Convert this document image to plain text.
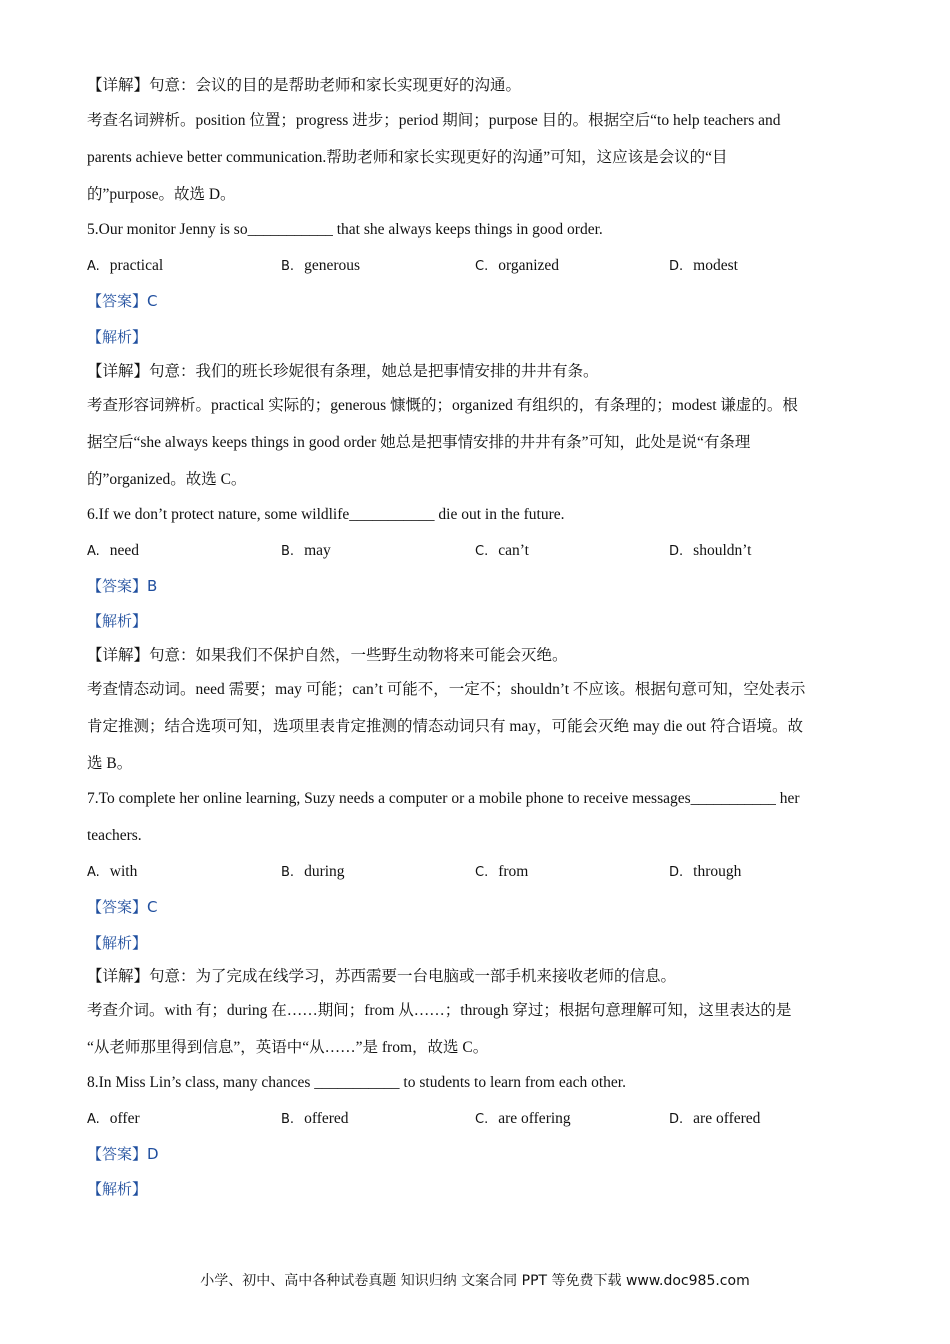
【详解】句意：会议的目的是帮助老师和家长实现更好的沟通。
考查名词辨析。position 位置；progress 进步；period 期间；purpose 目的。根据空后“to help teachers and
parents achieve better communication.帮助老师和家长实现更好的沟通”可知，这应该是会议的“目
的”purpose。故选 D。
5.Our monitor Jenny is so___________ that she always keeps things in good order.
A. practical	B. generous	C. organized	D. modest
【答案】C
【解析】
【详解】句意：我们的班长珍妮很有条理，她总是把事情安排的井井有条。
考查形容词辨析。practical 实际的；generous 慷慨的；organized 有组织的，有条理的；modest 谦虚的。根
据空后“she always keeps things in good order 她总是把事情安排的井井有条”可知，此处是说“有条理
的”organized。故选 C。
6.If we don’t protect nature, some wildlife___________ die out in the future.
A. need	B. may	C. can’t	D. shouldn’t
【答案】B
【解析】
【详解】句意：如果我们不保护自然，一些野生动物将来可能会灭绝。
考查情态动词。need 需要；may 可能；can’t 可能不，一定不；shouldn’t 不应该。根据句意可知，空处表示
肯定推测；结合选项可知，选项里表肯定推测的情态动词只有 may，可能会灭绝 may die out 符合语境。故
选 B。
7.To complete her online learning, Suzy needs a computer or a mobile phone to receive messages___________ her
teachers.
A. with	B. during	C. from	D. through
【答案】C
【解析】
【详解】句意：为了完成在线学习，苏西需要一台电脑或一部手机来接收老师的信息。
考查介词。with 有；during 在……期间；from 从……；through 穿过；根据句意理解可知，这里表达的是
“从老师那里得到信息”，英语中“从……”是 from，故选 C。
8.In Miss Lin’s class, many chances ___________ to students to learn from each other.
A. offer	B. offered	C. are offering	D. are offered
【答案】D
【解析】
小学、初中、高中各种试卷真题 知识归纳 文案合同 PPT 等免费下载 www.doc985.com
